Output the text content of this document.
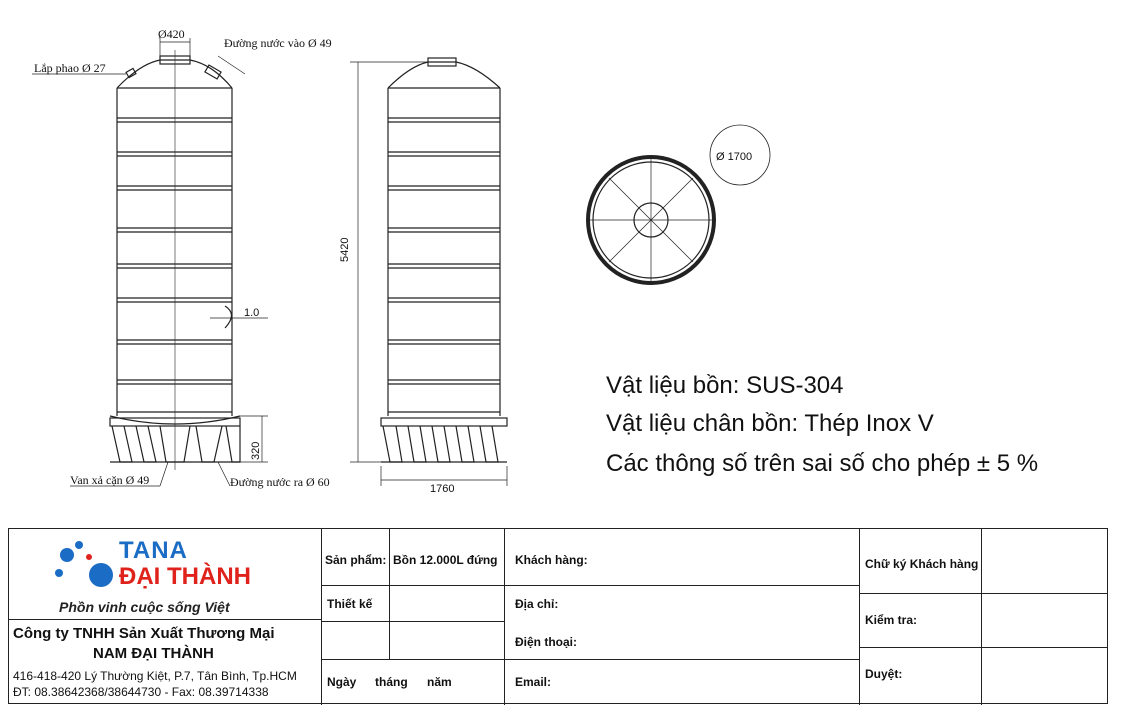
Ø420
Lắp phao Ø 27
Đường nước vào Ø 49
1.0
320
Van xả cặn Ø 49	Đường nước ra Ø 60
5420
1760
Ø 1700
Vật liệu bồn: SUS-304
Vật liệu chân bồn: Thép Inox V
Các thông số trên sai số cho phép ± 5 %
TANA
ĐẠI THÀNH
Phồn vinh cuộc sống Việt
Công ty TNHH Sản Xuất Thương Mại
NAM ĐẠI THÀNH
416-418-420 Lý Thường Kiệt, P.7, Tân Bình, Tp.HCM
ĐT: 08.38642368/38644730 - Fax: 08.39714338
Sản phẩm: Bồn 12.000L đứng
Thiết kế
Ngày tháng năm
Khách hàng:
Địa chỉ:
Điện thoại:
Email:
Chữ ký Khách hàng
Kiểm tra:
Duyệt:
